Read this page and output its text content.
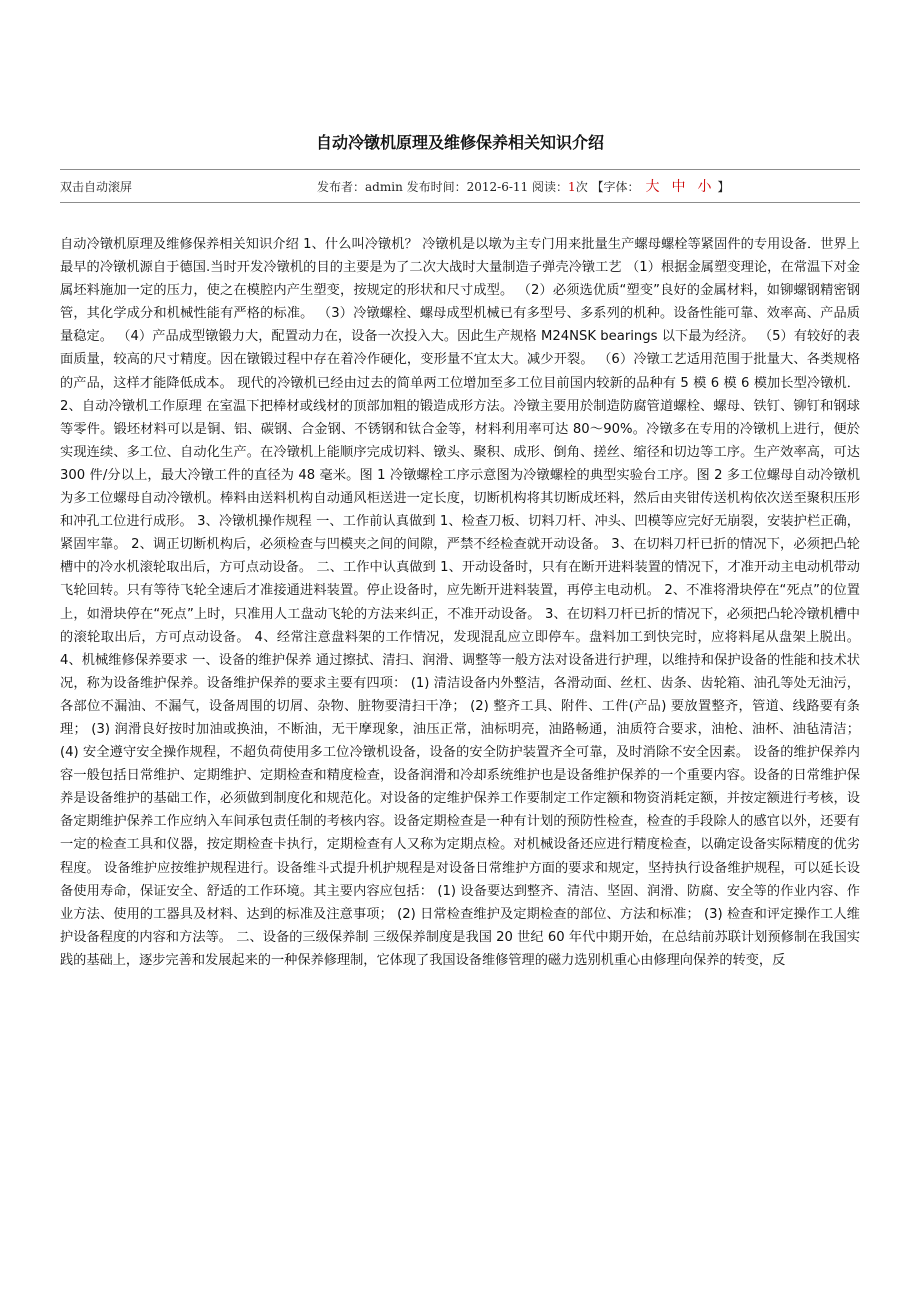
自动冷镦机原理及维修保养相关知识介绍
双击自动滚屏	发布者：admin 发布时间：2012-6-11 阅读：1次 【字体： 大 中 小 】
自动冷镦机原理及维修保养相关知识介绍 1、什么叫冷镦机？ 冷镦机是以墩为主专门用来批量生产螺母螺栓等紧固件的专用设备．世界上最早的冷镦机源自于德国.当时开发冷镦机的目的主要是为了二次大战时大量制造子弹壳冷镦工艺 （1）根据金属塑变理论，在常温下对金属坯料施加一定的压力，使之在模腔内产生塑变，按规定的形状和尺寸成型。 （2）必须选优质“塑变”良好的金属材料，如铆螺钢精密钢管，其化学成分和机械性能有严格的标准。 （3）冷镦螺栓、螺母成型机械已有多型号、多系列的机种。设备性能可靠、效率高、产品质量稳定。 （4）产品成型镦锻力大，配置动力在，设备一次投入大。因此生产规格 M24NSK bearings 以下最为经济。 （5）有较好的表面质量，较高的尺寸精度。因在镦锻过程中存在着冷作硬化，变形量不宜太大。减少开裂。 （6）冷镦工艺适用范围于批量大、各类规格的产品，这样才能降低成本。 现代的冷镦机已经由过去的简单两工位增加至多工位目前国内较新的品种有 5 模 6 模 6 模加长型冷镦机．2、自动冷镦机工作原理 在室温下把棒材或线材的顶部加粗的锻造成形方法。冷镦主要用於制造防腐管道螺栓、螺母、铁钉、铆钉和钢球等零件。锻坯材料可以是铜、铝、碳钢、合金钢、不锈钢和钛合金等，材料利用率可达 80～90%。冷镦多在专用的冷镦机上进行，便於实现连续、多工位、自动化生产。在冷镦机上能顺序完成切料、镦头、聚积、成形、倒角、搓丝、缩径和切边等工序。生产效率高，可达 300 件/分以上，最大冷镦工件的直径为 48 毫米。图 1 冷镦螺栓工序示意图为冷镦螺栓的典型实验台工序。图 2 多工位螺母自动冷镦机为多工位螺母自动冷镦机。棒料由送料机构自动通风柜送进一定长度，切断机构将其切断成坯料，然后由夹钳传送机构依次送至聚积压形和冲孔工位进行成形。 3、冷镦机操作规程 一、工作前认真做到 1、检查刀板、切料刀杆、冲头、凹模等应完好无崩裂，安装护栏正确，紧固牢靠。 2、调正切断机构后，必须检查与凹模夹之间的间隙，严禁不经检查就开动设备。 3、在切料刀杆已折的情况下，必须把凸轮槽中的冷水机滚轮取出后，方可点动设备。 二、工作中认真做到 1、开动设备时，只有在断开进料装置的情况下，才准开动主电动机带动飞轮回转。只有等待飞轮全速后才准接通进料装置。停止设备时，应先断开进料装置，再停主电动机。 2、不准将滑块停在“死点”的位置上，如滑块停在“死点”上时，只准用人工盘动飞轮的方法来纠正，不准开动设备。 3、在切料刀杆已折的情况下，必须把凸轮冷镦机槽中的滚轮取出后，方可点动设备。 4、经常注意盘料架的工作情况，发现混乱应立即停车。盘料加工到快完时，应将料尾从盘架上脱出。 4、机械维修保养要求 一、设备的维护保养 通过擦拭、清扫、润滑、调整等一般方法对设备进行护理，以维持和保护设备的性能和技术状况，称为设备维护保养。设备维护保养的要求主要有四项： (1) 清洁设备内外整洁，各滑动面、丝杠、齿条、齿轮箱、油孔等处无油污，各部位不漏油、不漏气，设备周围的切屑、杂物、脏物要清扫干净； (2) 整齐工具、附件、工件(产品) 要放置整齐，管道、线路要有条理； (3) 润滑良好按时加油或换油，不断油，无干摩现象，油压正常，油标明亮，油路畅通，油质符合要求，油枪、油杯、油毡清洁； (4) 安全遵守安全操作规程，不超负荷使用多工位冷镦机设备，设备的安全防护装置齐全可靠，及时消除不安全因素。 设备的维护保养内容一般包括日常维护、定期维护、定期检查和精度检查，设备润滑和冷却系统维护也是设备维护保养的一个重要内容。设备的日常维护保养是设备维护的基础工作，必须做到制度化和规范化。对设备的定维护保养工作要制定工作定额和物资消耗定额，并按定额进行考核，设备定期维护保养工作应纳入车间承包责任制的考核内容。设备定期检查是一种有计划的预防性检查，检查的手段除人的感官以外，还要有一定的检查工具和仪器，按定期检查卡执行，定期检查有人又称为定期点检。对机械设备还应进行精度检查，以确定设备实际精度的优劣程度。 设备维护应按维护规程进行。设备维斗式提升机护规程是对设备日常维护方面的要求和规定，坚持执行设备维护规程，可以延长设备使用寿命，保证安全、舒适的工作环境。其主要内容应包括： (1) 设备要达到整齐、清洁、坚固、润滑、防腐、安全等的作业内容、作业方法、使用的工器具及材料、达到的标准及注意事项； (2) 日常检查维护及定期检查的部位、方法和标准； (3) 检查和评定操作工人维护设备程度的内容和方法等。 二、设备的三级保养制 三级保养制度是我国 20 世纪 60 年代中期开始，在总结前苏联计划预修制在我国实践的基础上，逐步完善和发展起来的一种保养修理制，它体现了我国设备维修管理的磁力选别机重心由修理向保养的转变，反
